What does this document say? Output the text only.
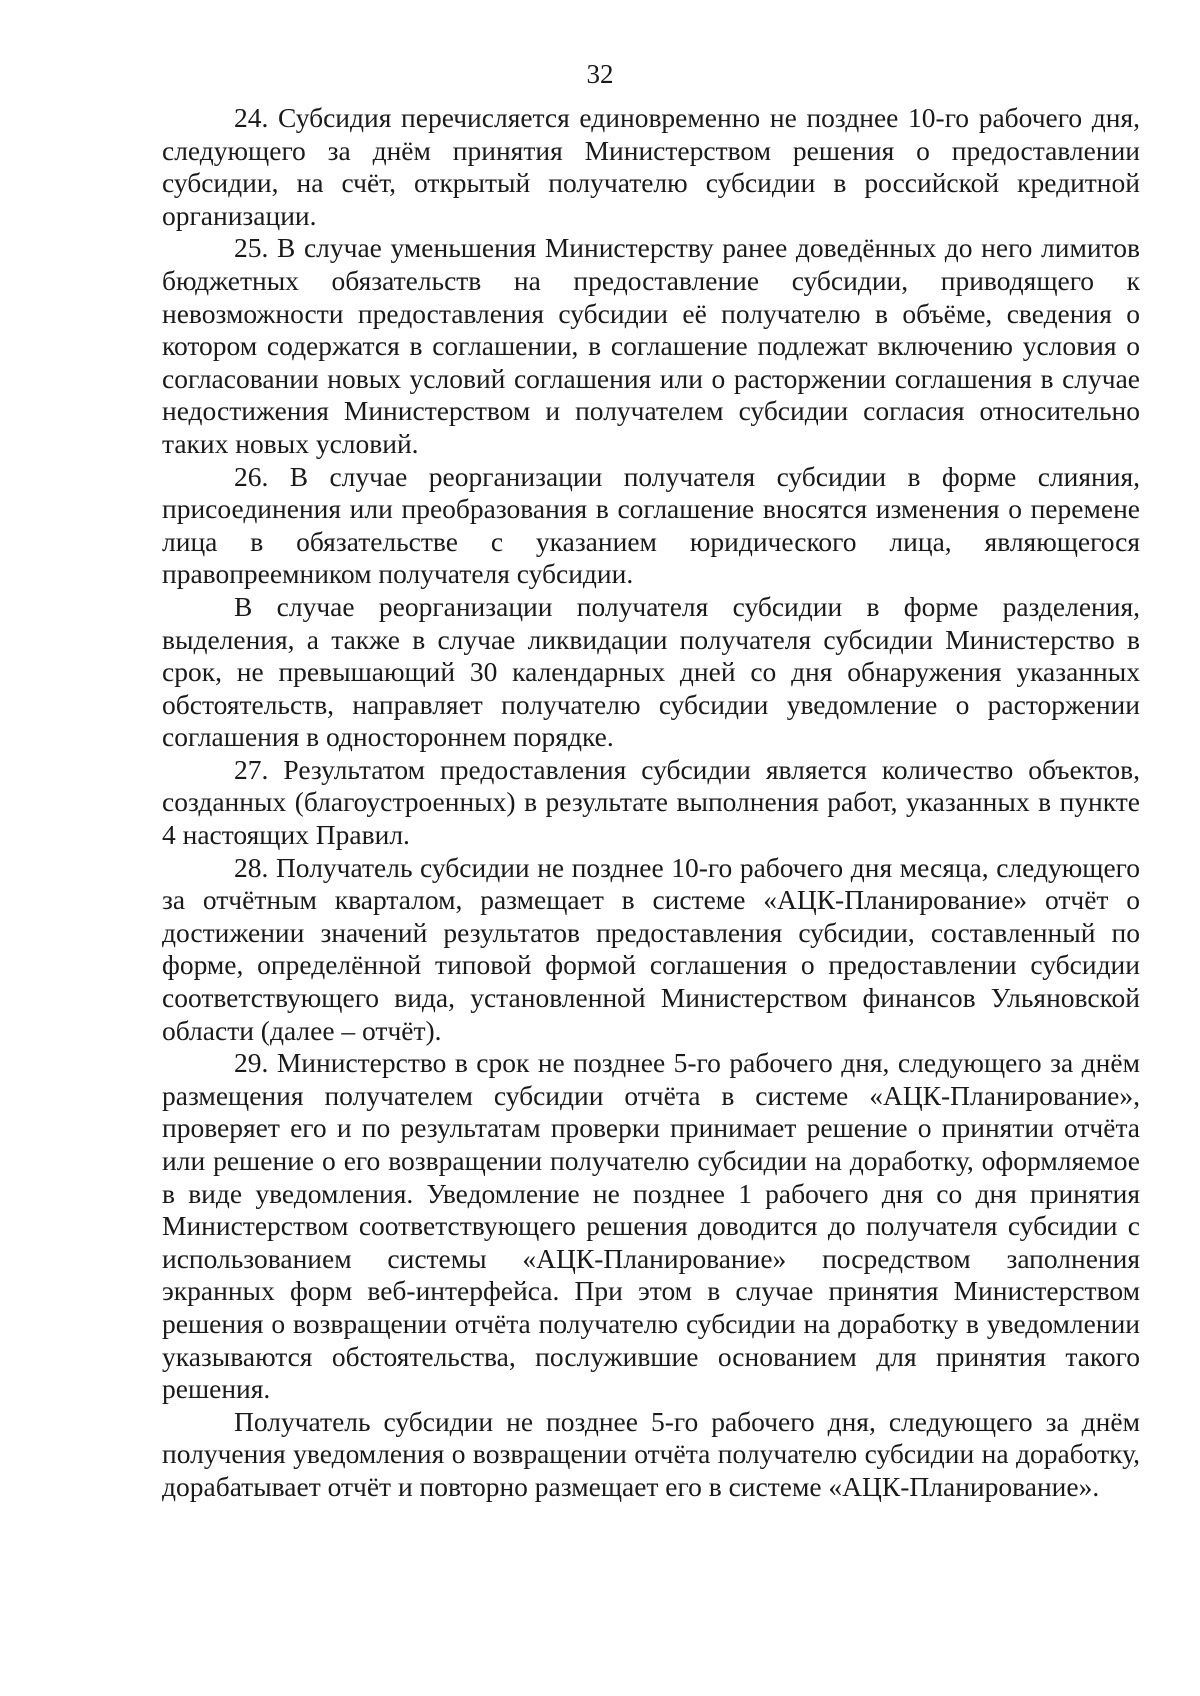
32

24. Субсидия перечисляется единовременно не позднее 10-го рабочего дня, следующего за днём принятия Министерством решения о предоставлении субсидии, на счёт, открытый получателю субсидии в российской кредитной организации.

25. В случае уменьшения Министерству ранее доведённых до него лимитов бюджетных обязательств на предоставление субсидии, приводящего к невозможности предоставления субсидии её получателю в объёме, сведения о котором содержатся в соглашении, в соглашение подлежат включению условия о согласовании новых условий соглашения или о расторжении соглашения в случае недостижения Министерством и получателем субсидии согласия относительно таких новых условий.

26. В случае реорганизации получателя субсидии в форме слияния, присоединения или преобразования в соглашение вносятся изменения о перемене лица в обязательстве с указанием юридического лица, являющегося правопреемником получателя субсидии.

В случае реорганизации получателя субсидии в форме разделения, выделения, а также в случае ликвидации получателя субсидии Министерство в срок, не превышающий 30 календарных дней со дня обнаружения указанных обстоятельств, направляет получателю субсидии уведомление о расторжении соглашения в одностороннем порядке.

27. Результатом предоставления субсидии является количество объектов, созданных (благоустроенных) в результате выполнения работ, указанных в пункте 4 настоящих Правил.

28. Получатель субсидии не позднее 10-го рабочего дня месяца, следующего за отчётным кварталом, размещает в системе «АЦК-Планирование» отчёт о достижении значений результатов предоставления субсидии, составленный по форме, определённой типовой формой соглашения о предоставлении субсидии соответствующего вида, установленной Министерством финансов Ульяновской области (далее – отчёт).

29. Министерство в срок не позднее 5-го рабочего дня, следующего за днём размещения получателем субсидии отчёта в системе «АЦК-Планирование», проверяет его и по результатам проверки принимает решение о принятии отчёта или решение о его возвращении получателю субсидии на доработку, оформляемое в виде уведомления. Уведомление не позднее 1 рабочего дня со дня принятия Министерством соответствующего решения доводится до получателя субсидии с использованием системы «АЦК-Планирование» посредством заполнения экранных форм веб-интерфейса. При этом в случае принятия Министерством решения о возвращении отчёта получателю субсидии на доработку в уведомлении указываются обстоятельства, послужившие основанием для принятия такого решения.

Получатель субсидии не позднее 5-го рабочего дня, следующего за днём получения уведомления о возвращении отчёта получателю субсидии на доработку, дорабатывает отчёт и повторно размещает его в системе «АЦК-Планирование».
